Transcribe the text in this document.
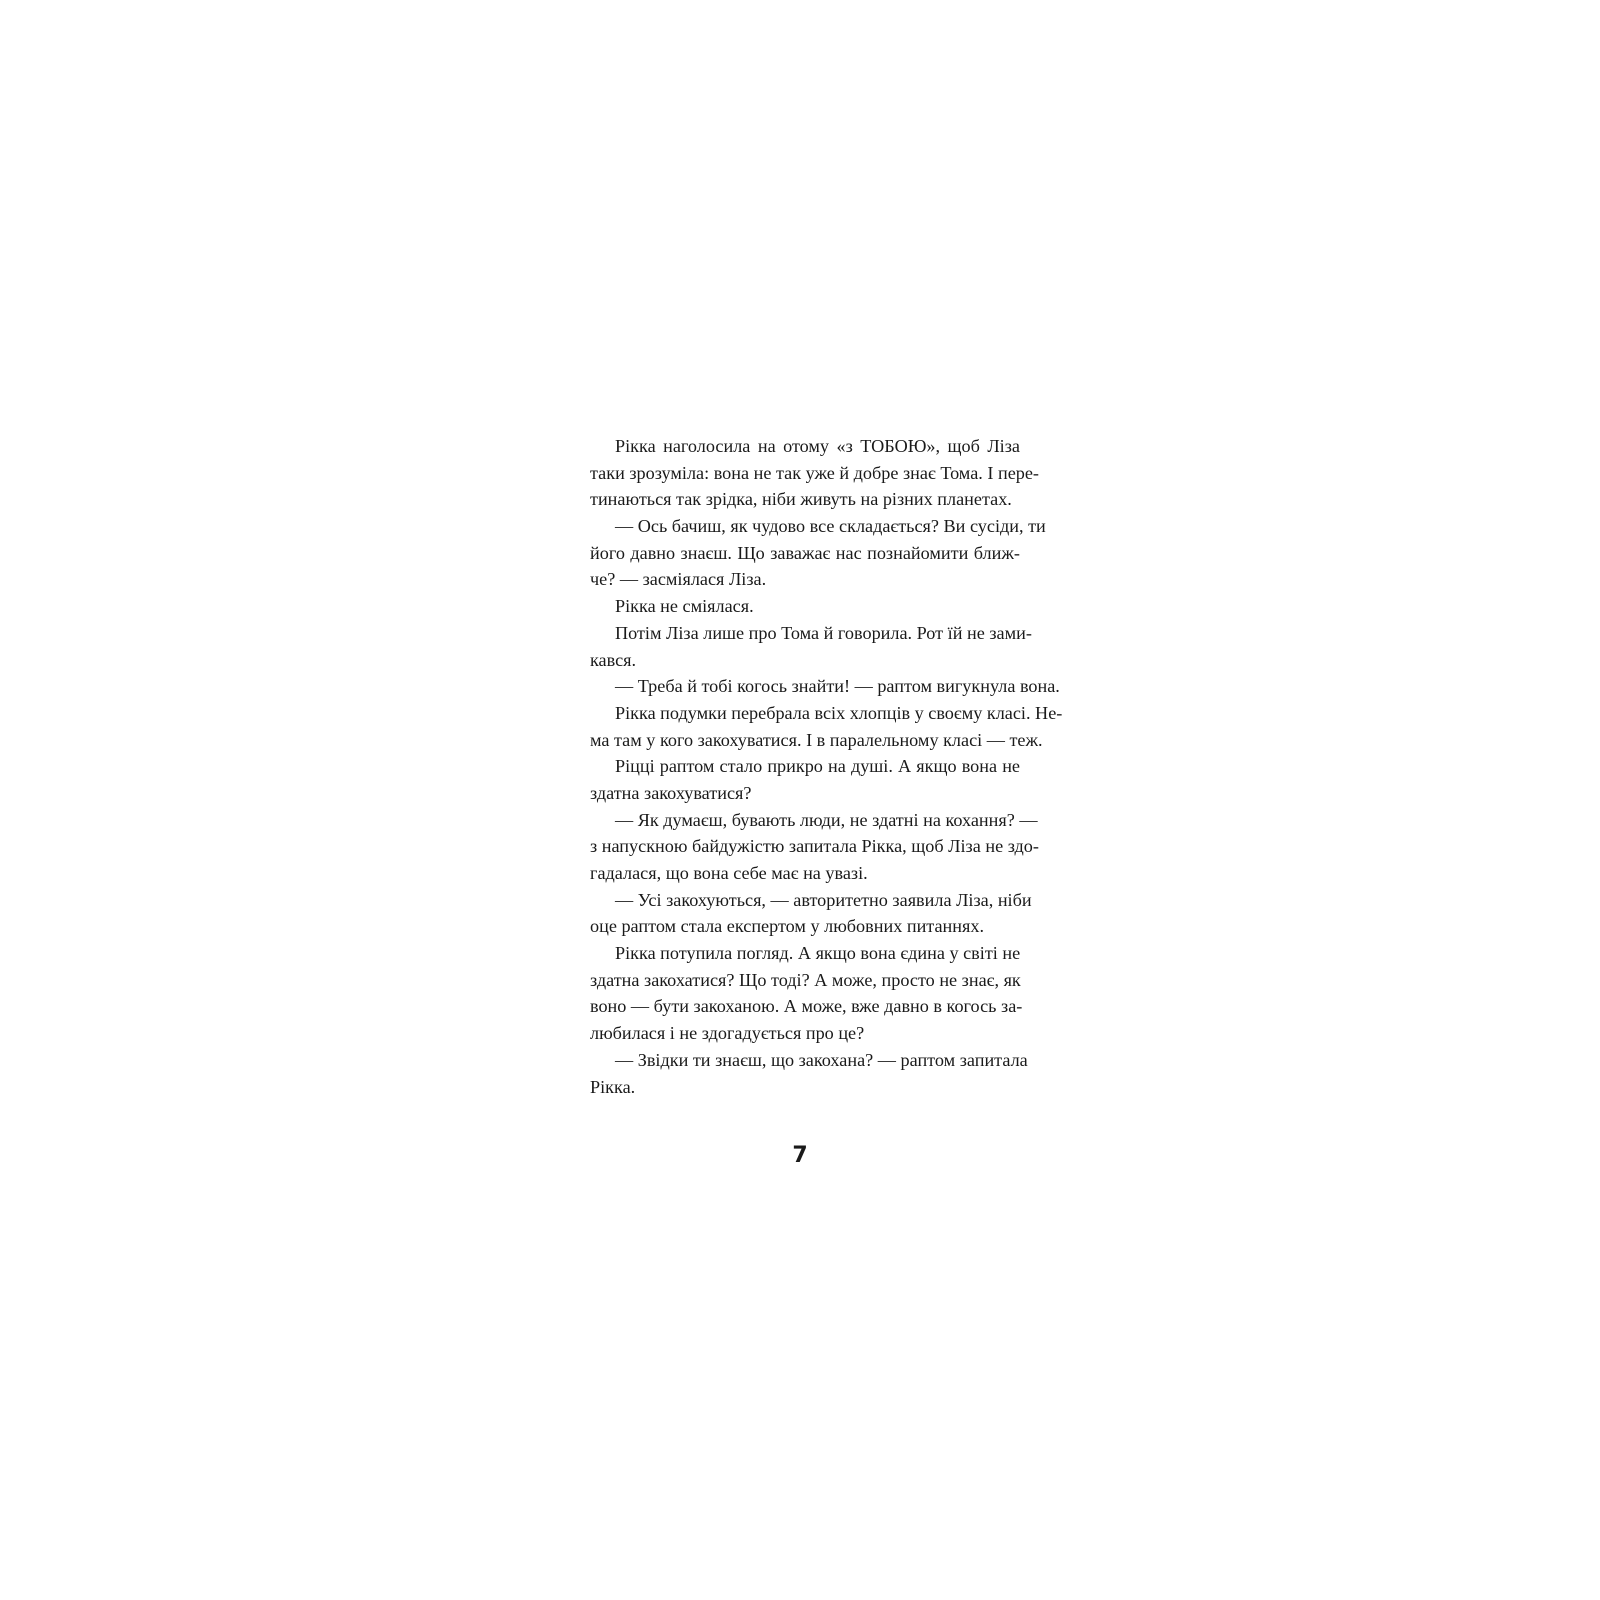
Рікка наголосила на отому «з ТОБОЮ», щоб Ліза
таки зрозуміла: вона не так уже й добре знає Тома. І пере-
тинаються так зрідка, ніби живуть на різних планетах.
— Ось бачиш, як чудово все складається? Ви сусіди, ти
його давно знаєш. Що заважає нас познайомити ближ-
че? — засміялася Ліза.
Рікка не сміялася.
Потім Ліза лише про Тома й говорила. Рот їй не зами-
кався.
— Треба й тобі когось знайти! — раптом вигукнула вона.
Рікка подумки перебрала всіх хлопців у своєму класі. Не-
ма там у кого закохуватися. І в паралельному класі — теж.
Ріцці раптом стало прикро на душі. А якщо вона не
здатна закохуватися?
— Як думаєш, бувають люди, не здатні на кохання? —
з напускною байдужістю запитала Рікка, щоб Ліза не здо-
гадалася, що вона себе має на увазі.
— Усі закохуються, — авторитетно заявила Ліза, ніби
оце раптом стала експертом у любовних питаннях.
Рікка потупила погляд. А якщо вона єдина у світі не
здатна закохатися? Що тоді? А може, просто не знає, як
воно — бути закоханою. А може, вже давно в когось за-
любилася і не здогадується про це?
— Звідки ти знаєш, що закохана? — раптом запитала
Рікка.
7
